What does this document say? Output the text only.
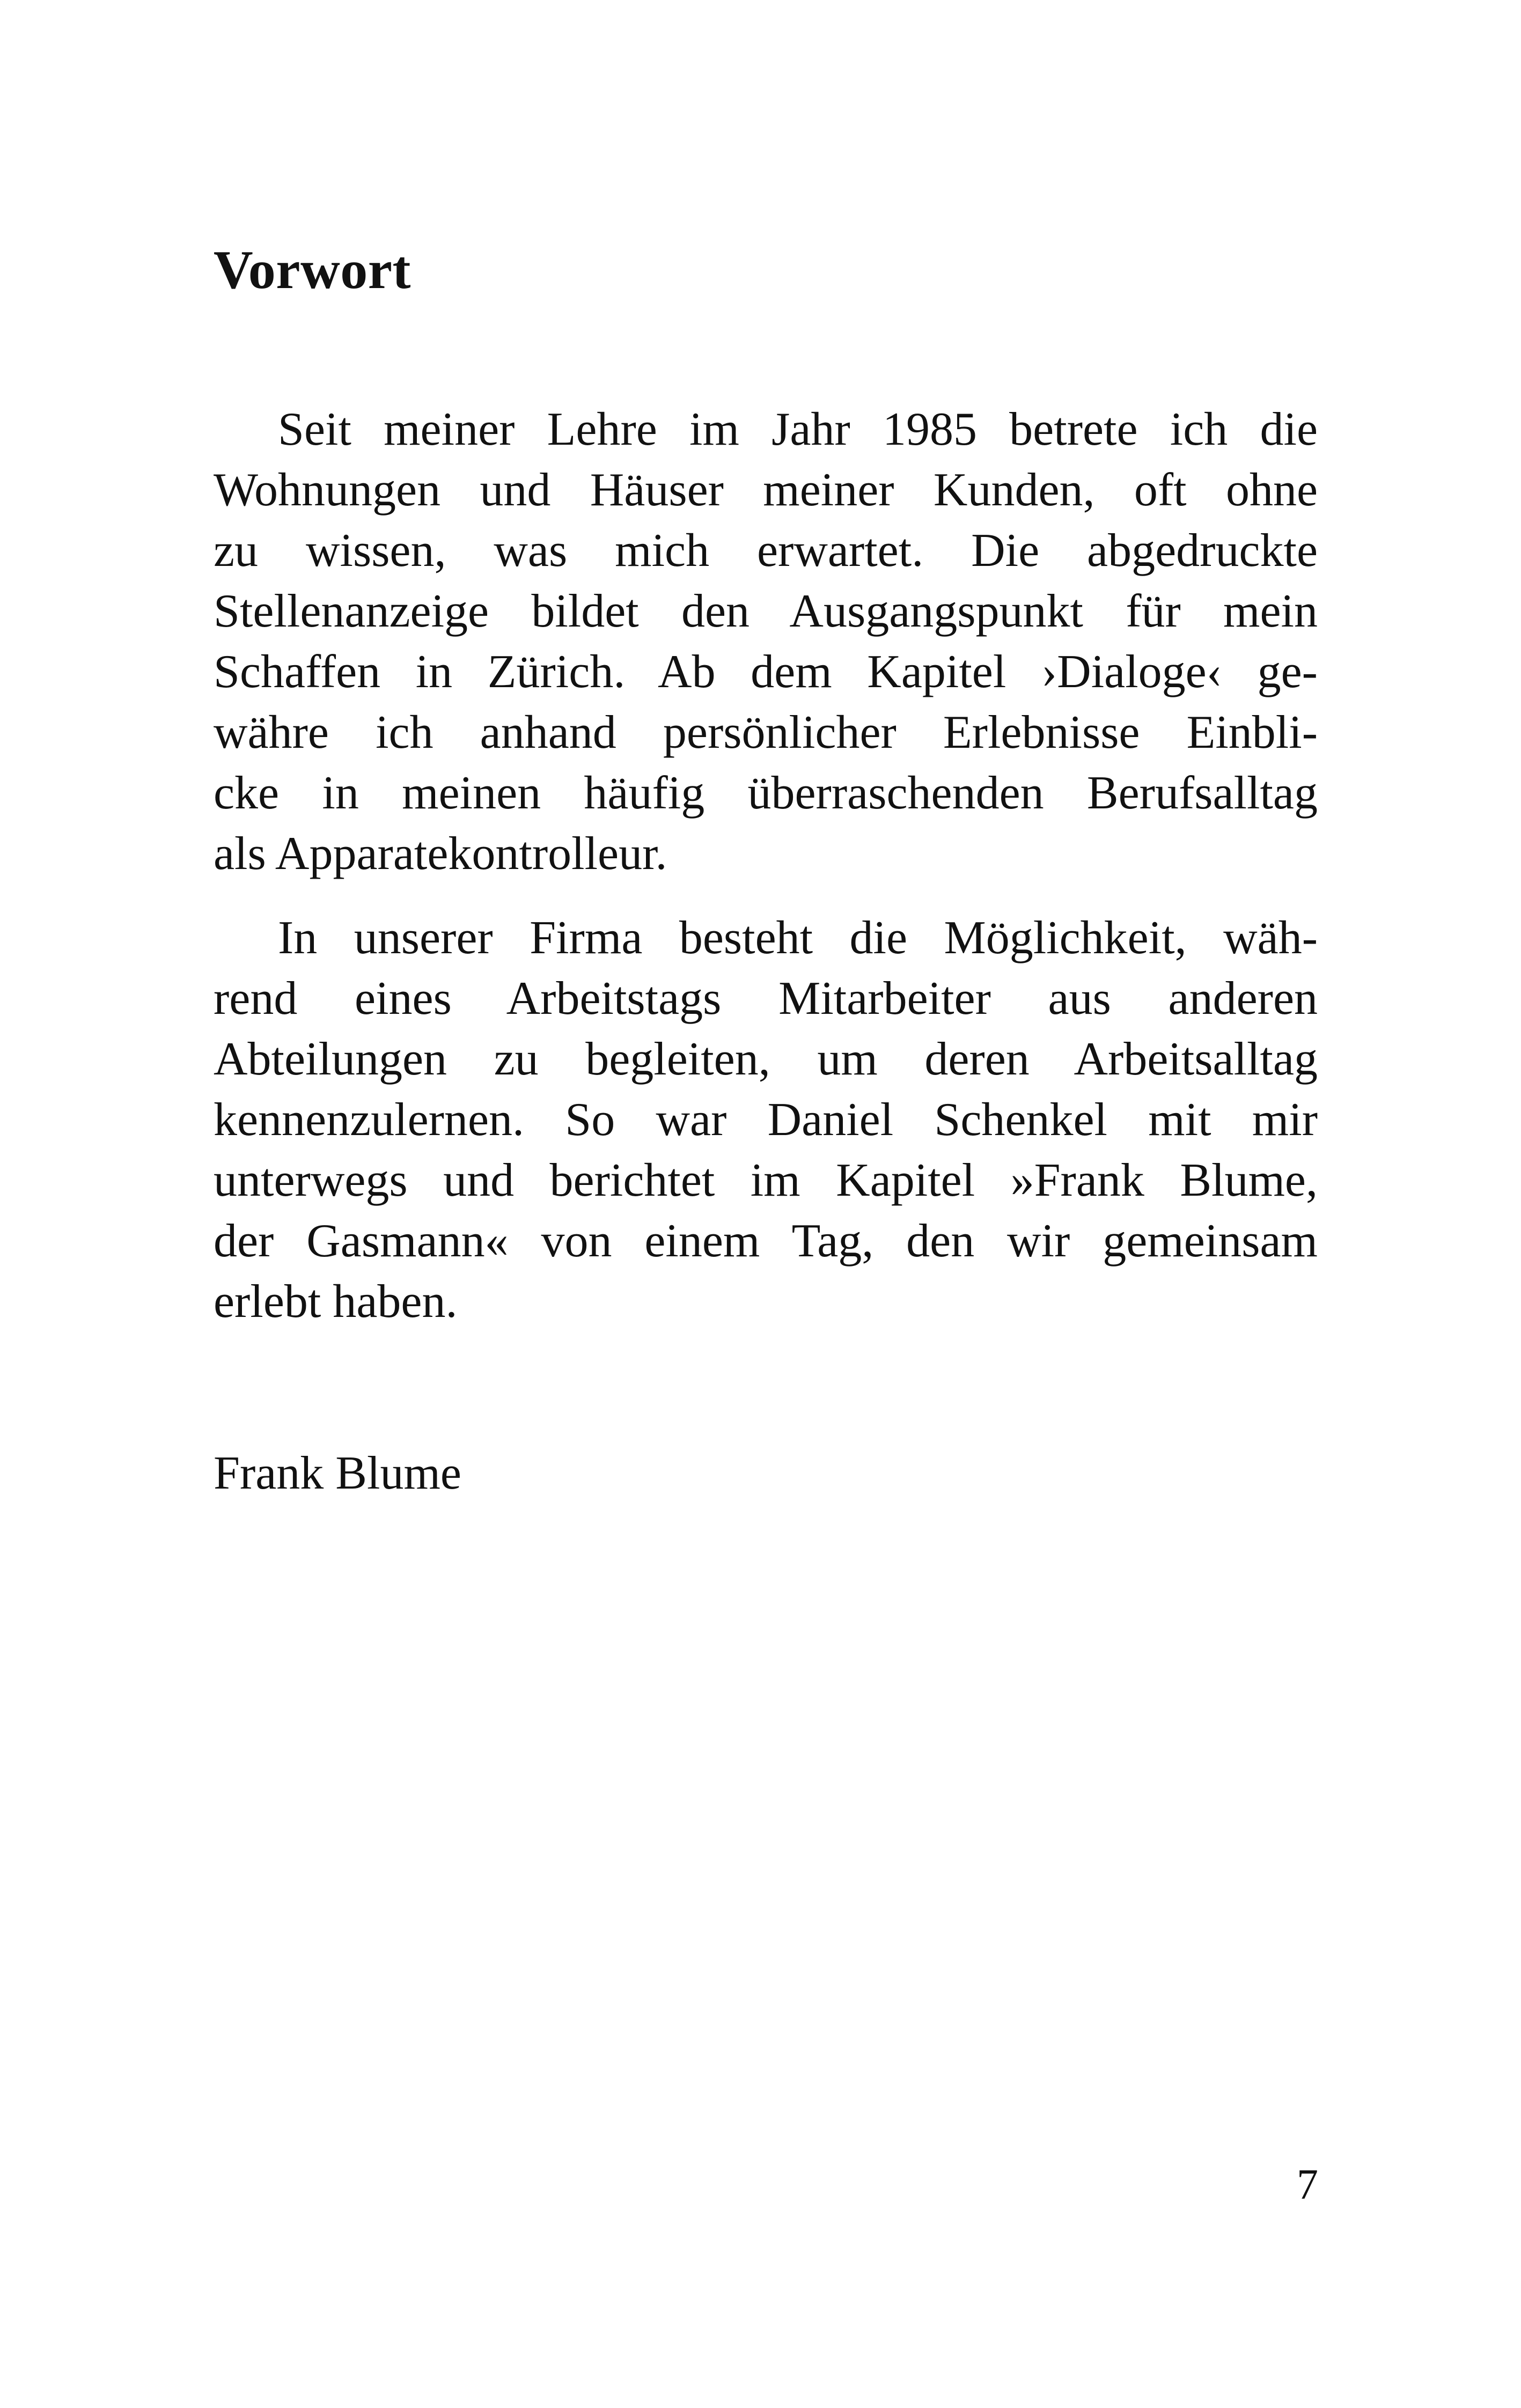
Vorwort

Seit meiner Lehre im Jahr 1985 betrete ich die
Wohnungen und Häuser meiner Kunden, oft ohne
zu wissen, was mich erwartet. Die abgedruckte
Stellenanzeige bildet den Ausgangspunkt für mein
Schaffen in Zürich. Ab dem Kapitel ›Dialoge‹ ge-
währe ich anhand persönlicher Erlebnisse Einbli-
cke in meinen häufig überraschenden Berufsalltag
als Apparatekontrolleur.

In unserer Firma besteht die Möglichkeit, wäh-
rend eines Arbeitstags Mitarbeiter aus anderen
Abteilungen zu begleiten, um deren Arbeitsalltag
kennenzulernen. So war Daniel Schenkel mit mir
unterwegs und berichtet im Kapitel »Frank Blume,
der Gasmann« von einem Tag, den wir gemeinsam
erlebt haben.

Frank Blume

7
